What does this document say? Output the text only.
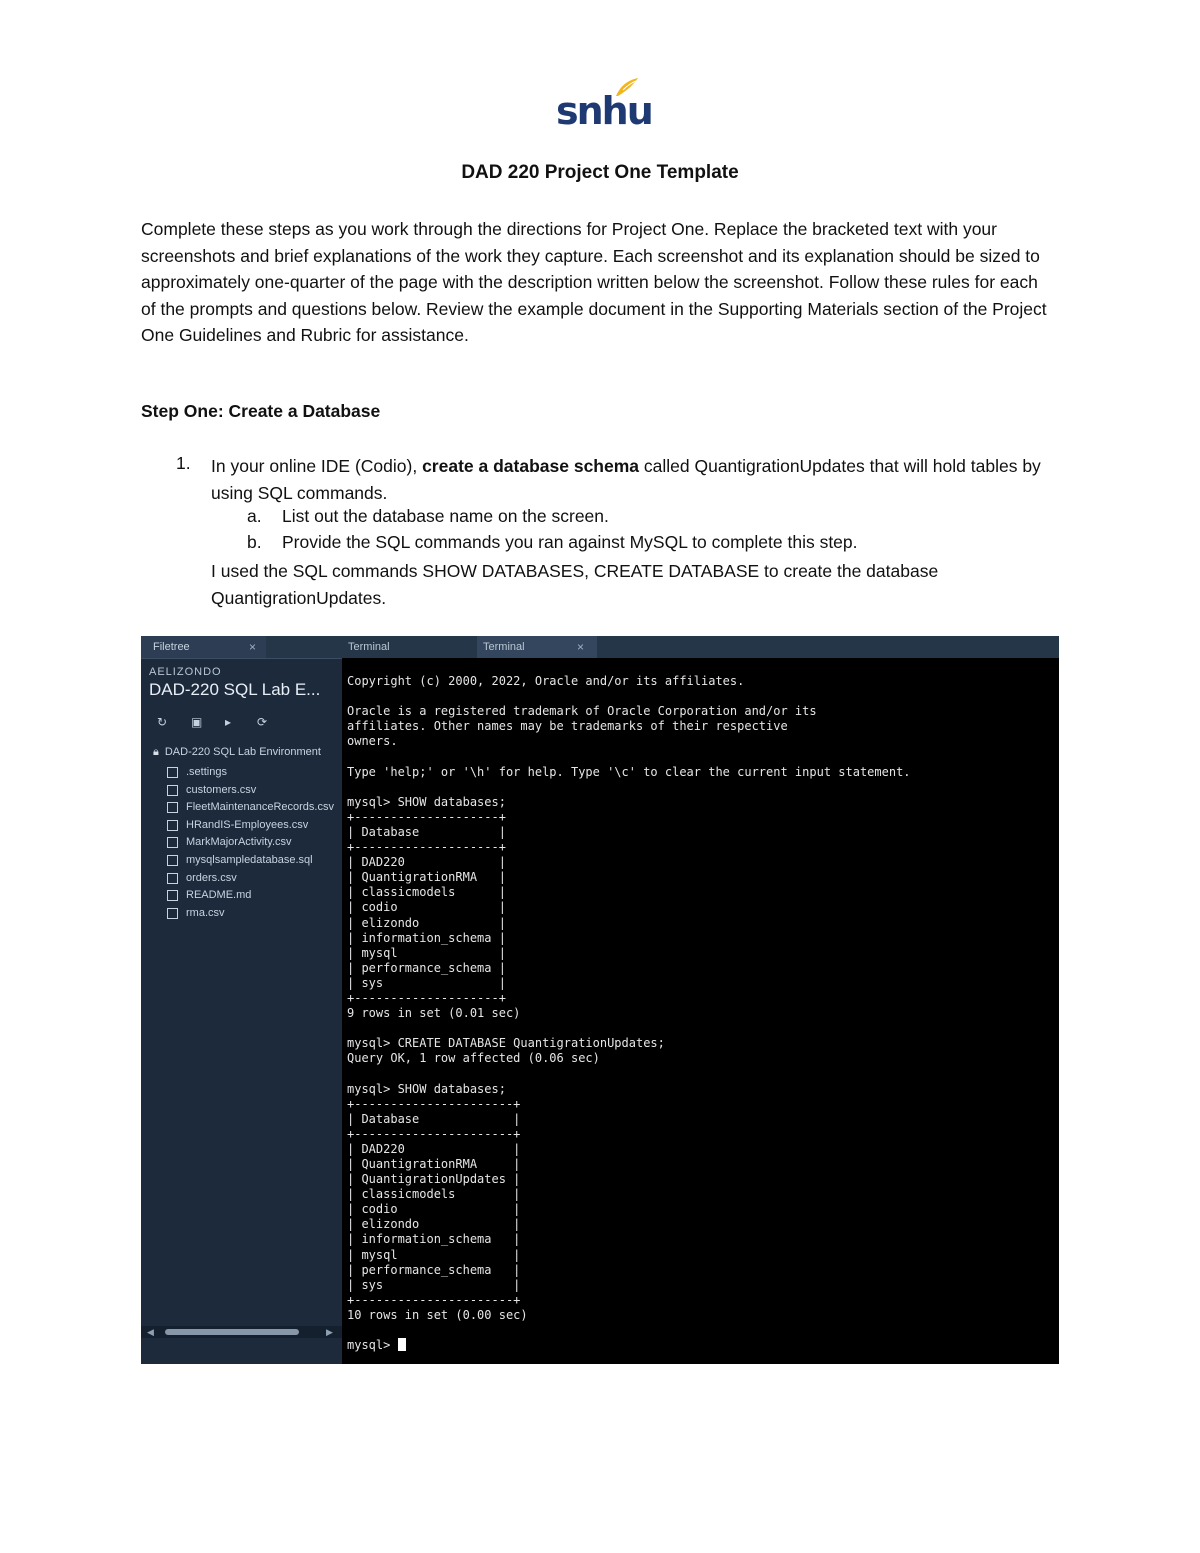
snhu
DAD 220 Project One Template

Complete these steps as you work through the directions for Project One. Replace the bracketed text with your screenshots and brief explanations of the work they capture. Each screenshot and its explanation should be sized to approximately one-quarter of the page with the description written below the screenshot. Follow these rules for each of the prompts and questions below. Review the example document in the Supporting Materials section of the Project One Guidelines and Rubric for assistance.

Step One: Create a Database

1. In your online IDE (Codio), create a database schema called QuantigrationUpdates that will hold tables by using SQL commands.

a. List out the database name on the screen.
b. Provide the SQL commands you ran against MySQL to complete this step.

I used the SQL commands SHOW DATABASES, CREATE DATABASE to create the database QuantigrationUpdates.

Filetree	×
AELIZONDO
DAD-220 SQL Lab E...
↻ ▣ ▸ ⟳
🔒︎ DAD-220 SQL Lab Environment
.settings
customers.csv
FleetMaintenanceRecords.csv
HRandIS-Employees.csv
MarkMajorActivity.csv
mysqlsampledatabase.sql
orders.csv
README.md
rma.csv
◀	▶
Terminal	Terminal	×
Copyright (c) 2000, 2022, Oracle and/or its affiliates.

Oracle is a registered trademark of Oracle Corporation and/or its
affiliates. Other names may be trademarks of their respective
owners.

Type 'help;' or '\h' for help. Type '\c' to clear the current input statement.

mysql> SHOW databases;
+--------------------+
| Database           |
+--------------------+
| DAD220             |
| QuantigrationRMA   |
| classicmodels      |
| codio              |
| elizondo           |
| information_schema |
| mysql              |
| performance_schema |
| sys                |
+--------------------+
9 rows in set (0.01 sec)

mysql> CREATE DATABASE QuantigrationUpdates;
Query OK, 1 row affected (0.06 sec)

mysql> SHOW databases;
+----------------------+
| Database             |
+----------------------+
| DAD220               |
| QuantigrationRMA     |
| QuantigrationUpdates |
| classicmodels        |
| codio                |
| elizondo             |
| information_schema   |
| mysql                |
| performance_schema   |
| sys                  |
+----------------------+
10 rows in set (0.00 sec)

mysql>
